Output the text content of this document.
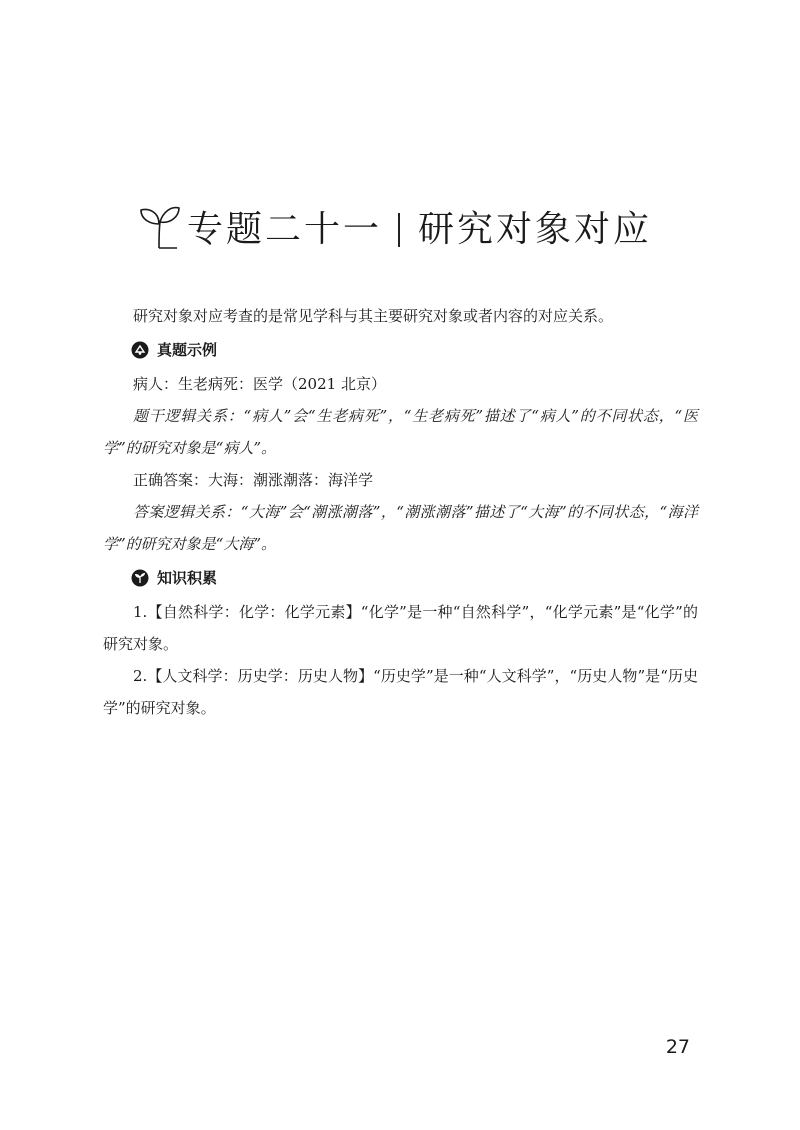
专题二十一 研究对象对应

研究对象对应考查的是常见学科与其主要研究对象或者内容的对应关系。

真题示例

病人：生老病死：医学（2021 北京）

题干逻辑关系：“病人”会“生老病死”，“生老病死”描述了“病人”的不同状态，“医学”的研究对象是“病人”。

正确答案：大海：潮涨潮落：海洋学

答案逻辑关系：“大海”会“潮涨潮落”，“潮涨潮落”描述了“大海”的不同状态，“海洋学”的研究对象是“大海”。

知识积累

1.【自然科学：化学：化学元素】“化学”是一种“自然科学”，“化学元素”是“化学”的研究对象。

2.【人文科学：历史学：历史人物】“历史学”是一种“人文科学”，“历史人物”是“历史学”的研究对象。

27
